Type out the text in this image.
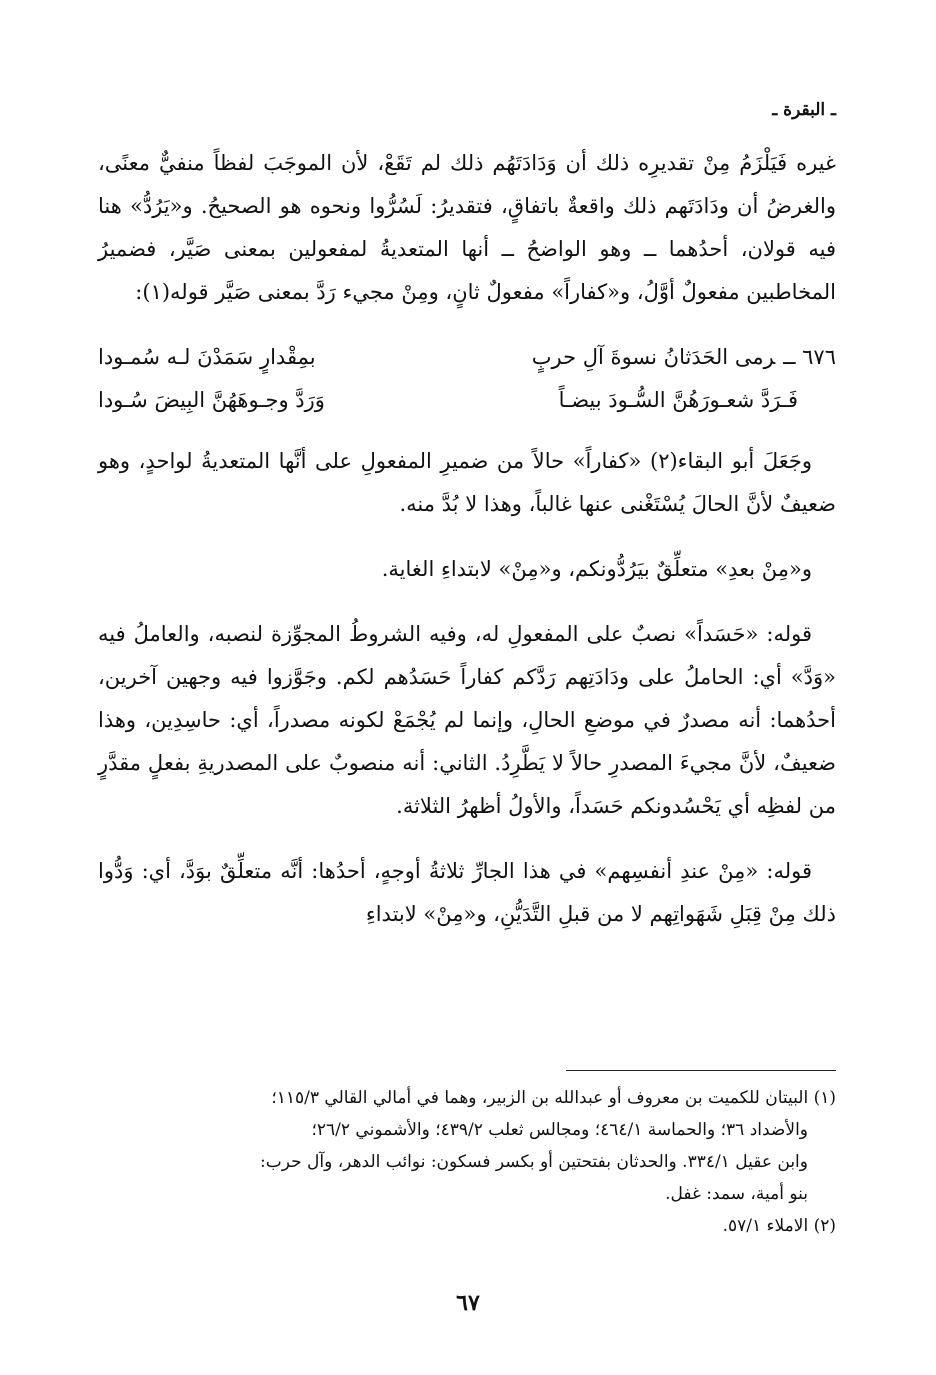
ـ البقرة ـ

غيره فَيَلْزَمُ مِنْ تقديرِه ذلك أن وَدَادَتَهُم ذلك لم تَقَعْ، لأن الموجَبَ لفظاً منفيٌّ معنًى، والغرضُ أن ودَادَتَهم ذلك واقعةٌ باتفاقٍ، فتقديرُ: لَسُرُّوا ونحوه هو الصحيحُ. و«يَرُدُّ» هنا فيه قولان، أحدُهما ــ وهو الواضحُ ــ أنها المتعديةُ لمفعولين بمعنى صَيَّر، فضميرُ المخاطبين مفعولٌ أوَّلُ، و«كفاراً» مفعولٌ ثانٍ، ومِنْ مجيء رَدَّ بمعنى صَيَّر قوله(١):

٦٧٦ ــرمى الحَدَثانُ نسوةَ آلِ حربٍ
بمِقْدارٍ سَمَدْنَ لـه سُمـودا
فَـرَدَّ شعـورَهُنَّ السُّـودَ بيضـاً
وَرَدَّ وجـوهَهُنَّ البِيضَ سُـودا

وجَعَلَ أبو البقاء(٢) «كفاراً» حالاً من ضميرِ المفعولِ على أنَّها المتعديةُ لواحدٍ، وهو ضعيفٌ لأنَّ الحالَ يُسْتَغْنى عنها غالباً، وهذا لا بُدَّ منه.

و«مِنْ بعدِ» متعلِّقٌ بيَرُدُّونكم، و«مِنْ» لابتداءِ الغاية.

قوله: «حَسَداً» نصبٌ على المفعولِ له، وفيه الشروطُ المجوِّزة لنصبه، والعاملُ فيه «وَدَّ» أي: الحاملُ على ودَادَتِهم رَدَّكم كفاراً حَسَدُهم لكم. وجَوَّزوا فيه وجهين آخرين، أحدُهما: أنه مصدرٌ في موضعِ الحالِ، وإنما لم يُجْمَعْ لكونه مصدراً، أي: حاسِدِين، وهذا ضعيفٌ، لأنَّ مجيءَ المصدرِ حالاً لا يَطَّرِدُ. الثاني: أنه منصوبٌ على المصدريةِ بفعلٍ مقدَّرٍ من لفظِه أي يَحْسُدونكم حَسَداً، والأولُ أظهرُ الثلاثة.

قوله: «مِنْ عندِ أنفسِهم» في هذا الجارِّ ثلاثةُ أوجهٍ، أحدُها: أنَّه متعلِّقٌ بوَدَّ، أي: وَدُّوا ذلك مِنْ قِبَلِ شَهَواتِهم لا من قبلِ التَّدَيُّنِ، و«مِنْ» لابتداءِ

(١) البيتان للكميت بن معروف أو عبدالله بن الزبير، وهما في أمالي القالي ١١٥/٣؛

والأضداد ٣٦؛ والحماسة ٤٦٤/١؛ ومجالس ثعلب ٤٣٩/٢؛ والأشموني ٢٦/٢؛

وابن عقيل ٣٣٤/١. والحدثان بفتحتين أو بكسر فسكون: نوائب الدهر، وآل حرب:

بنو أمية، سمد: غفل.

(٢) الاملاء ٥٧/١.

٦٧
